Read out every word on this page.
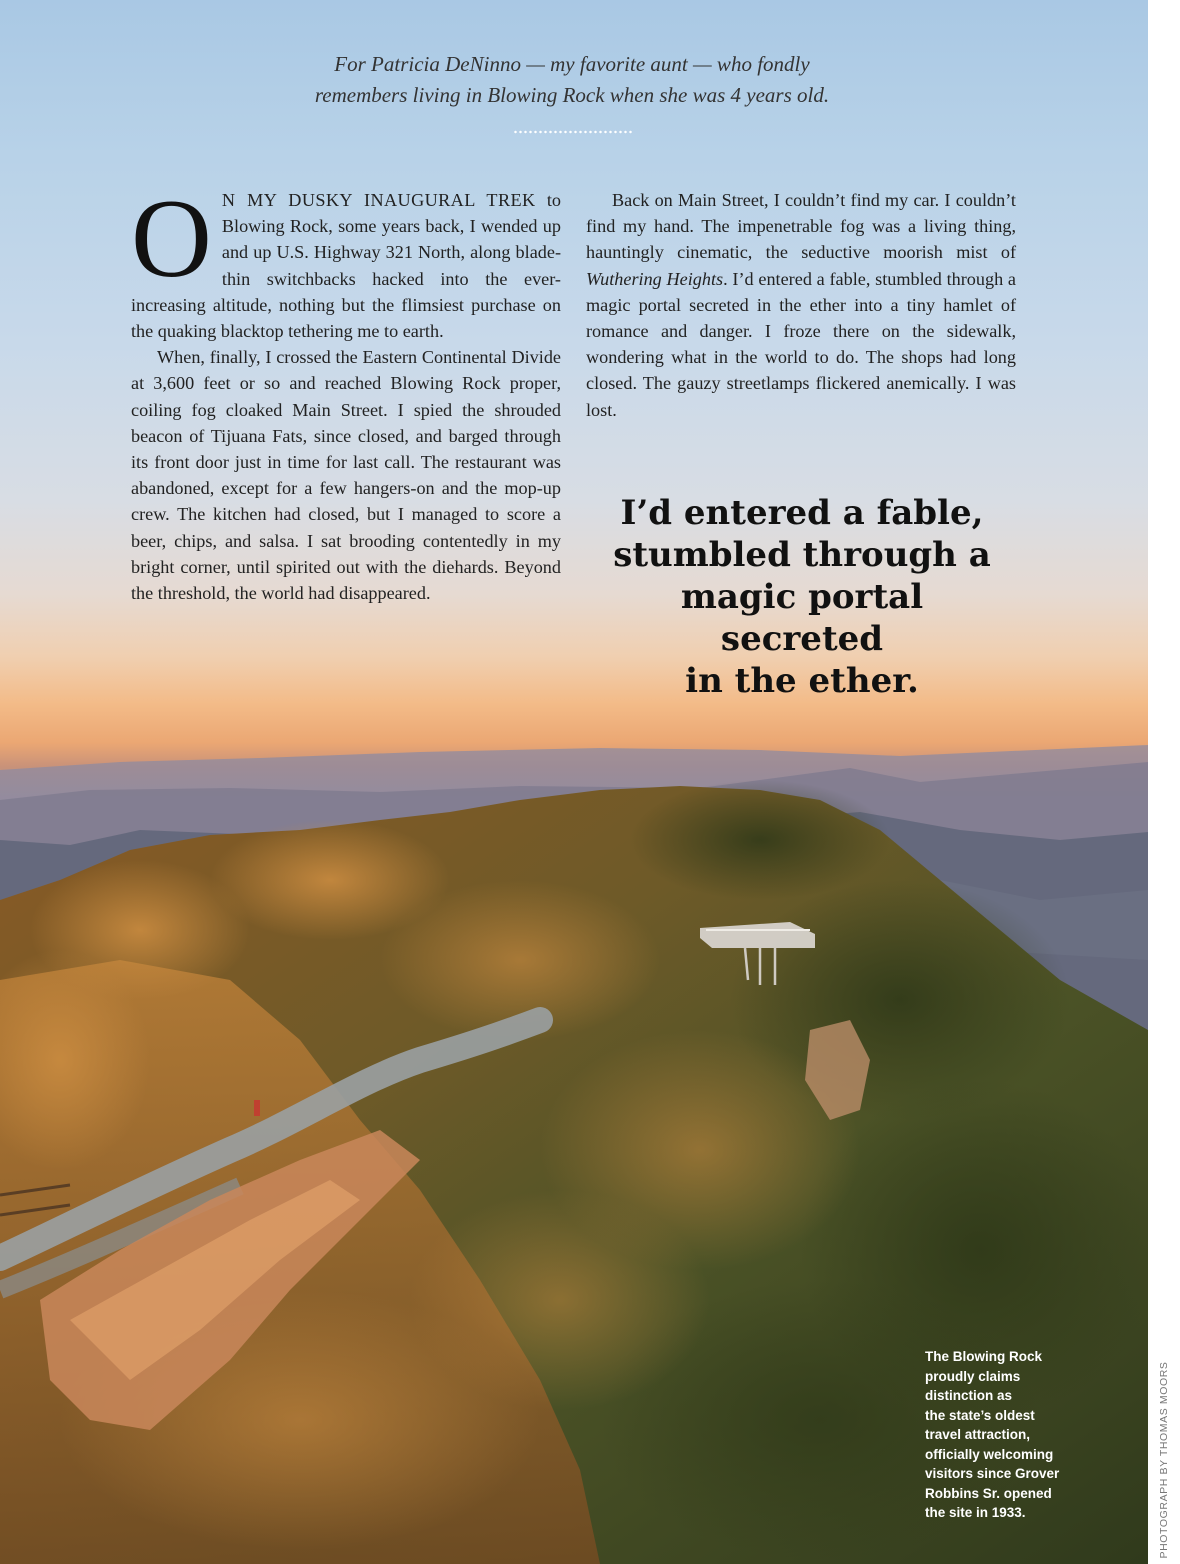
For Patricia DeNinno — my favorite aunt — who fondly
remembers living in Blowing Rock when she was 4 years old.

O N MY DUSKY INAUGURAL TREK to Blowing Rock, some years back, I wended up and up U.S. Highway 321 North, along blade-thin switchbacks hacked into the ever-increasing altitude, nothing but the flimsiest purchase on the quaking blacktop tethering me to earth.

When, finally, I crossed the Eastern Continental Divide at 3,600 feet or so and reached Blowing Rock proper, coiling fog cloaked Main Street. I spied the shrouded beacon of Tijuana Fats, since closed, and barged through its front door just in time for last call. The restaurant was abandoned, except for a few hangers-on and the mop-up crew. The kitchen had closed, but I managed to score a beer, chips, and salsa. I sat brooding contentedly in my bright corner, until spirited out with the diehards. Beyond the threshold, the world had disappeared.

Back on Main Street, I couldn’t find my car. I couldn’t find my hand. The impenetrable fog was a living thing, hauntingly cinematic, the seductive moorish mist of Wuthering Heights. I’d entered a fable, stumbled through a magic portal secreted in the ether into a tiny hamlet of romance and danger. I froze there on the sidewalk, wondering what in the world to do. The shops had long closed. The gauzy streetlamps flickered anemically. I was lost.

I’d entered a fable,
stumbled through a
magic portal secreted
in the ether.
The Blowing Rock
proudly claims
distinction as
the state’s oldest
travel attraction,
officially welcoming
visitors since Grover
Robbins Sr. opened
the site in 1933.	PHOTOGRAPH BY THOMAS MOORS
